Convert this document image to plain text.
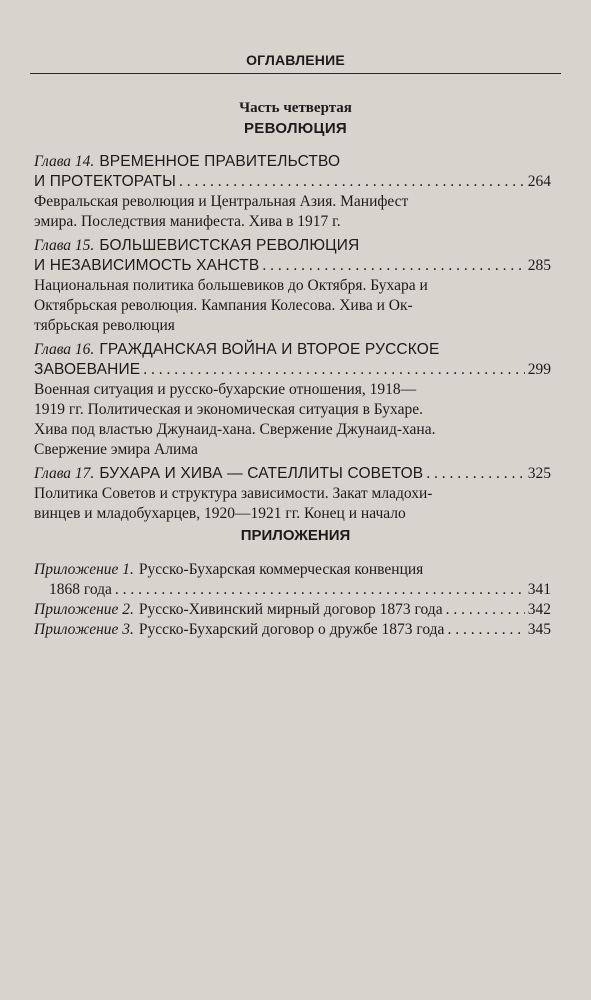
ОГЛАВЛЕНИЕ
Часть четвертая
РЕВОЛЮЦИЯ
Глава 14. ВРЕМЕННОЕ ПРАВИТЕЛЬСТВО
И ПРОТЕКТОРАТЫ . . .	264
Февральская революция и Центральная Азия. Манифест
эмира. Последствия манифеста. Хива в 1917 г.
Глава 15. БОЛЬШЕВИСТСКАЯ РЕВОЛЮЦИЯ
И НЕЗАВИСИМОСТЬ ХАНСТВ . . .	285
Национальная политика большевиков до Октября. Бухара и
Октябрьская революция. Кампания Колесова. Хива и Ок-
тябрьская революция
Глава 16. ГРАЖДАНСКАЯ ВОЙНА И ВТОРОЕ РУССКОЕ
ЗАВОЕВАНИЕ . . .	299
Военная ситуация и русско-бухарские отношения, 1918—
1919 гг. Политическая и экономическая ситуация в Бухаре.
Хива под властью Джунаид-хана. Свержение Джунаид-хана.
Свержение эмира Алима
Глава 17. БУХАРА И ХИВА — САТЕЛЛИТЫ СОВЕТОВ . . .	325
Политика Советов и структура зависимости. Закат младохи-
винцев и младобухарцев, 1920—1921 гг. Конец и начало
ПРИЛОЖЕНИЯ
Приложение 1. Русско-Бухарская коммерческая конвенция
1868 года . . .	341
Приложение 2. Русско-Хивинский мирный договор 1873 года . . .	342
Приложение 3. Русско-Бухарский договор о дружбе 1873 года . . .	345
